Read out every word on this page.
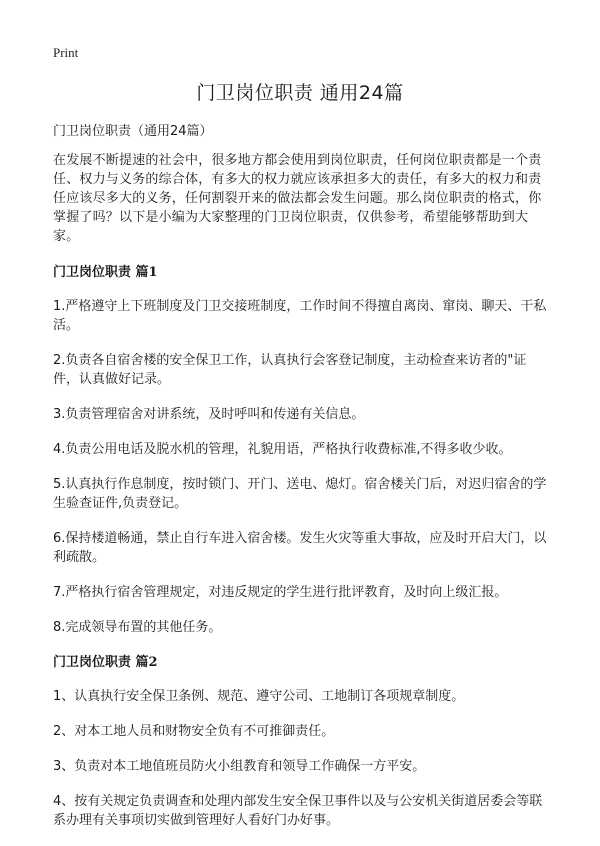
Print
门卫岗位职责 通用24篇

门卫岗位职责（通用24篇）

在发展不断提速的社会中，很多地方都会使用到岗位职责，任何岗位职责都是一个责任、权力与义务的综合体，有多大的权力就应该承担多大的责任，有多大的权力和责任应该尽多大的义务，任何割裂开来的做法都会发生问题。那么岗位职责的格式，你掌握了吗？以下是小编为大家整理的门卫岗位职责，仅供参考，希望能够帮助到大家。

门卫岗位职责 篇1

1.严格遵守上下班制度及门卫交接班制度，工作时间不得擅自离岗、窜岗、聊天、干私活。

2.负责各自宿舍楼的安全保卫工作，认真执行会客登记制度，主动检查来访者的"证件，认真做好记录。

3.负责管理宿舍对讲系统，及时呼叫和传递有关信息。

4.负责公用电话及脱水机的管理，礼貌用语，严格执行收费标准,不得多收少收。

5.认真执行作息制度，按时锁门、开门、送电、熄灯。宿舍楼关门后，对迟归宿舍的学生验查证件,负责登记。

6.保持楼道畅通，禁止自行车进入宿舍楼。发生火灾等重大事故，应及时开启大门，以利疏散。

7.严格执行宿舍管理规定，对违反规定的学生进行批评教育，及时向上级汇报。

8.完成领导布置的其他任务。

门卫岗位职责 篇2

1、认真执行安全保卫条例、规范、遵守公司、工地制订各项规章制度。

2、对本工地人员和财物安全负有不可推御责任。

3、负责对本工地值班员防火小组教育和领导工作确保一方平安。

4、按有关规定负责调查和处理内部发生安全保卫事件以及与公安机关街道居委会等联系办理有关事项切实做到管理好人看好门办好事。
